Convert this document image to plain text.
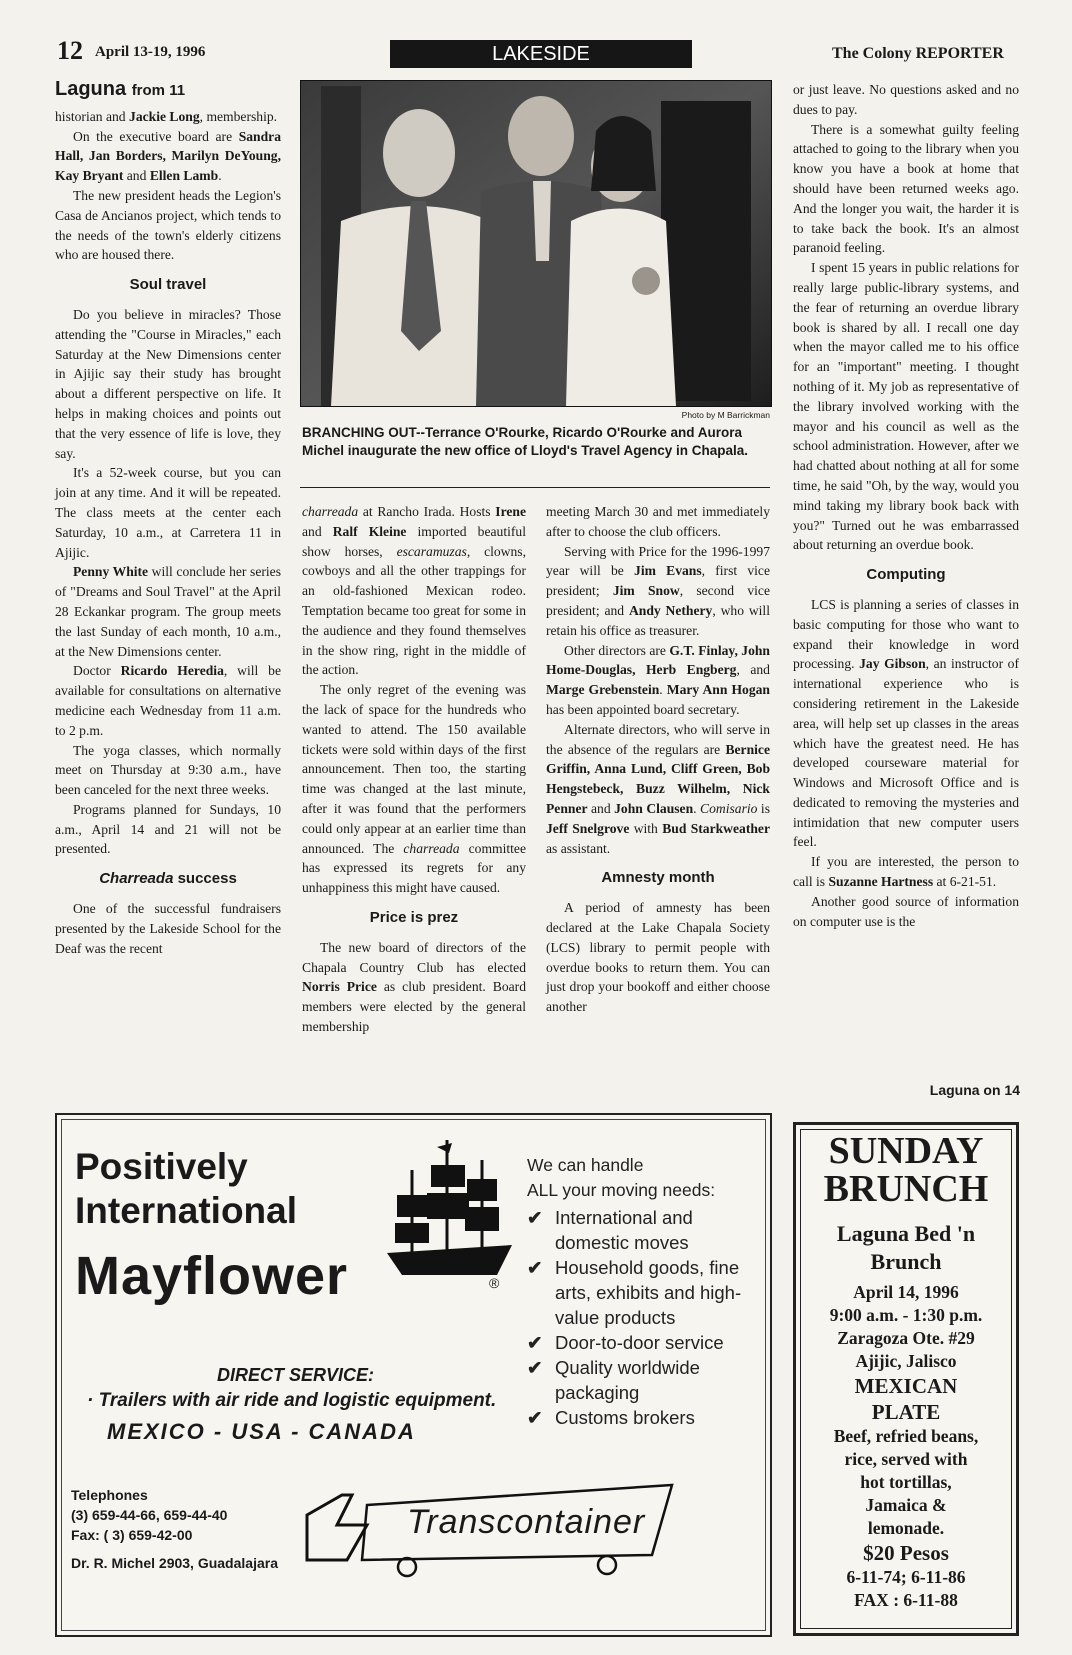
12 April 13-19, 1996	LAKESIDE	The Colony REPORTER
Laguna from 11

historian and Jackie Long, membership.

On the executive board are Sandra Hall, Jan Borders, Marilyn DeYoung, Kay Bryant and Ellen Lamb.

The new president heads the Legion's Casa de Ancianos project, which tends to the needs of the town's elderly citizens who are housed there.

Soul travel

Do you believe in miracles? Those attending the "Course in Miracles," each Saturday at the New Dimensions center in Ajijic say their study has brought about a different perspective on life. It helps in making choices and points out that the very essence of life is love, they say.

It's a 52-week course, but you can join at any time. And it will be repeated. The class meets at the center each Saturday, 10 a.m., at Carretera 11 in Ajijic.

Penny White will conclude her series of "Dreams and Soul Travel" at the April 28 Eckankar program. The group meets the last Sunday of each month, 10 a.m., at the New Dimensions center.

Doctor Ricardo Heredia, will be available for consultations on alternative medicine each Wednesday from 11 a.m. to 2 p.m.

The yoga classes, which normally meet on Thursday at 9:30 a.m., have been canceled for the next three weeks.

Programs planned for Sundays, 10 a.m., April 14 and 21 will not be presented.

Charreada success

One of the successful fundraisers presented by the Lakeside School for the Deaf was the recent

Photo by M Barrickman
BRANCHING OUT--Terrance O'Rourke, Ricardo O'Rourke and Aurora Michel inaugurate the new office of Lloyd's Travel Agency in Chapala.

charreada at Rancho Irada. Hosts Irene and Ralf Kleine imported beautiful show horses, escaramuzas, clowns, cowboys and all the other trappings for an old-fashioned Mexican rodeo. Temptation became too great for some in the audience and they found themselves in the show ring, right in the middle of the action.

The only regret of the evening was the lack of space for the hundreds who wanted to attend. The 150 available tickets were sold within days of the first announcement. Then too, the starting time was changed at the last minute, after it was found that the performers could only appear at an earlier time than announced. The charreada committee has expressed its regrets for any unhappiness this might have caused.

Price is prez

The new board of directors of the Chapala Country Club has elected Norris Price as club president. Board members were elected by the general membership

meeting March 30 and met immediately after to choose the club officers.

Serving with Price for the 1996-1997 year will be Jim Evans, first vice president; Jim Snow, second vice president; and Andy Nethery, who will retain his office as treasurer.

Other directors are G.T. Finlay, John Home-Douglas, Herb Engberg, and Marge Grebenstein. Mary Ann Hogan has been appointed board secretary.

Alternate directors, who will serve in the absence of the regulars are Bernice Griffin, Anna Lund, Cliff Green, Bob Hengstebeck, Buzz Wilhelm, Nick Penner and John Clausen. Comisario is Jeff Snelgrove with Bud Starkweather as assistant.

Amnesty month

A period of amnesty has been declared at the Lake Chapala Society (LCS) library to permit people with overdue books to return them. You can just drop your bookoff and either choose another

or just leave. No questions asked and no dues to pay.

There is a somewhat guilty feeling attached to going to the library when you know you have a book at home that should have been returned weeks ago. And the longer you wait, the harder it is to take back the book. It's an almost paranoid feeling.

I spent 15 years in public relations for really large public-library systems, and the fear of returning an overdue library book is shared by all. I recall one day when the mayor called me to his office for an "important" meeting. I thought nothing of it. My job as representative of the library involved working with the mayor and his council as well as the school administration. However, after we had chatted about nothing at all for some time, he said "Oh, by the way, would you mind taking my library book back with you?" Turned out he was embarrassed about returning an overdue book.

Computing

LCS is planning a series of classes in basic computing for those who want to expand their knowledge in word processing. Jay Gibson, an instructor of international experience who is considering retirement in the Lakeside area, will help set up classes in the areas which have the greatest need. He has developed courseware material for Windows and Microsoft Office and is dedicated to removing the mysteries and intimidation that new computer users feel.

If you are interested, the person to call is Suzanne Hartness at 6-21-51.

Another good source of information on computer use is the

Laguna on 14
Positively
International
Mayflower	®
We can handle
ALL your moving needs:
✔ International and domestic moves
✔ Household goods, fine arts, exhibits and high-value products
✔ Door-to-door service
✔ Quality worldwide packaging
✔ Customs brokers
DIRECT SERVICE:
· Trailers with air ride and logistic equipment.
MEXICO - USA - CANADA
Telephones
(3) 659-44-66, 659-44-40
Fax: ( 3) 659-42-00
Dr. R. Michel 2903, Guadalajara
Transcontainer
SUNDAY
BRUNCH
Laguna Bed 'n
Brunch
April 14, 1996
9:00 a.m. - 1:30 p.m.
Zaragoza Ote. #29
Ajijic, Jalisco
MEXICAN
PLATE
Beef, refried beans,
rice, served with
hot tortillas,
Jamaica &
lemonade.
$20 Pesos
6-11-74; 6-11-86
FAX : 6-11-88
